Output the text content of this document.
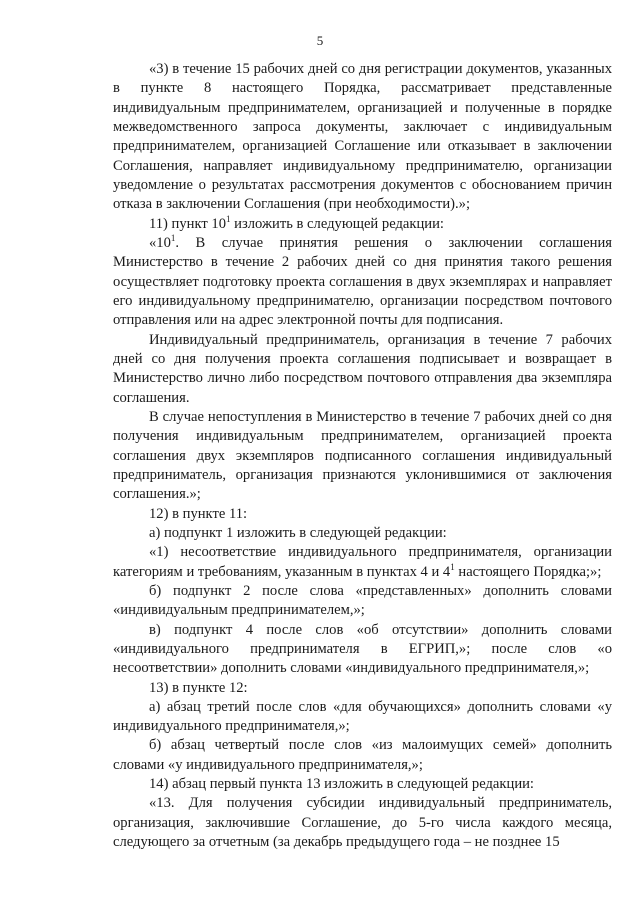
5

«3) в течение 15 рабочих дней со дня регистрации документов, указанных в пункте 8 настоящего Порядка, рассматривает представленные индивидуальным предпринимателем, организацией и полученные в порядке межведомственного запроса документы, заключает с индивидуальным предпринимателем, организацией Соглашение или отказывает в заключении Соглашения, направляет индивидуальному предпринимателю, организации уведомление о результатах рассмотрения документов с обоснованием причин отказа в заключении Соглашения (при необходимости).»;

11) пункт $10^1$ изложить в следующей редакции:

«$10^1$. В случае принятия решения о заключении соглашения Министерство в течение 2 рабочих дней со дня принятия такого решения осуществляет подготовку проекта соглашения в двух экземплярах и направляет его индивидуальному предпринимателю, организации посредством почтового отправления или на адрес электронной почты для подписания.

Индивидуальный предприниматель, организация в течение 7 рабочих дней со дня получения проекта соглашения подписывает и возвращает в Министерство лично либо посредством почтового отправления два экземпляра соглашения.

В случае непоступления в Министерство в течение 7 рабочих дней со дня получения индивидуальным предпринимателем, организацией проекта соглашения двух экземпляров подписанного соглашения индивидуальный предприниматель, организация признаются уклонившимися от заключения соглашения.»;

12) в пункте 11:

а) подпункт 1 изложить в следующей редакции:

«1) несоответствие индивидуального предпринимателя, организации категориям и требованиям, указанным в пунктах 4 и $4^1$ настоящего Порядка;»;

б) подпункт 2 после слова «представленных» дополнить словами «индивидуальным предпринимателем,»;

в) подпункт 4 после слов «об отсутствии» дополнить словами «индивидуального предпринимателя в ЕГРИП,»; после слов «о несоответствии» дополнить словами «индивидуального предпринимателя,»;

13) в пункте 12:

а) абзац третий после слов «для обучающихся» дополнить словами «у индивидуального предпринимателя,»;

б) абзац четвертый после слов «из малоимущих семей» дополнить словами «у индивидуального предпринимателя,»;

14) абзац первый пункта 13 изложить в следующей редакции:

«13. Для получения субсидии индивидуальный предприниматель, организация, заключившие Соглашение, до 5-го числа каждого месяца, следующего за отчетным (за декабрь предыдущего года – не позднее 15
